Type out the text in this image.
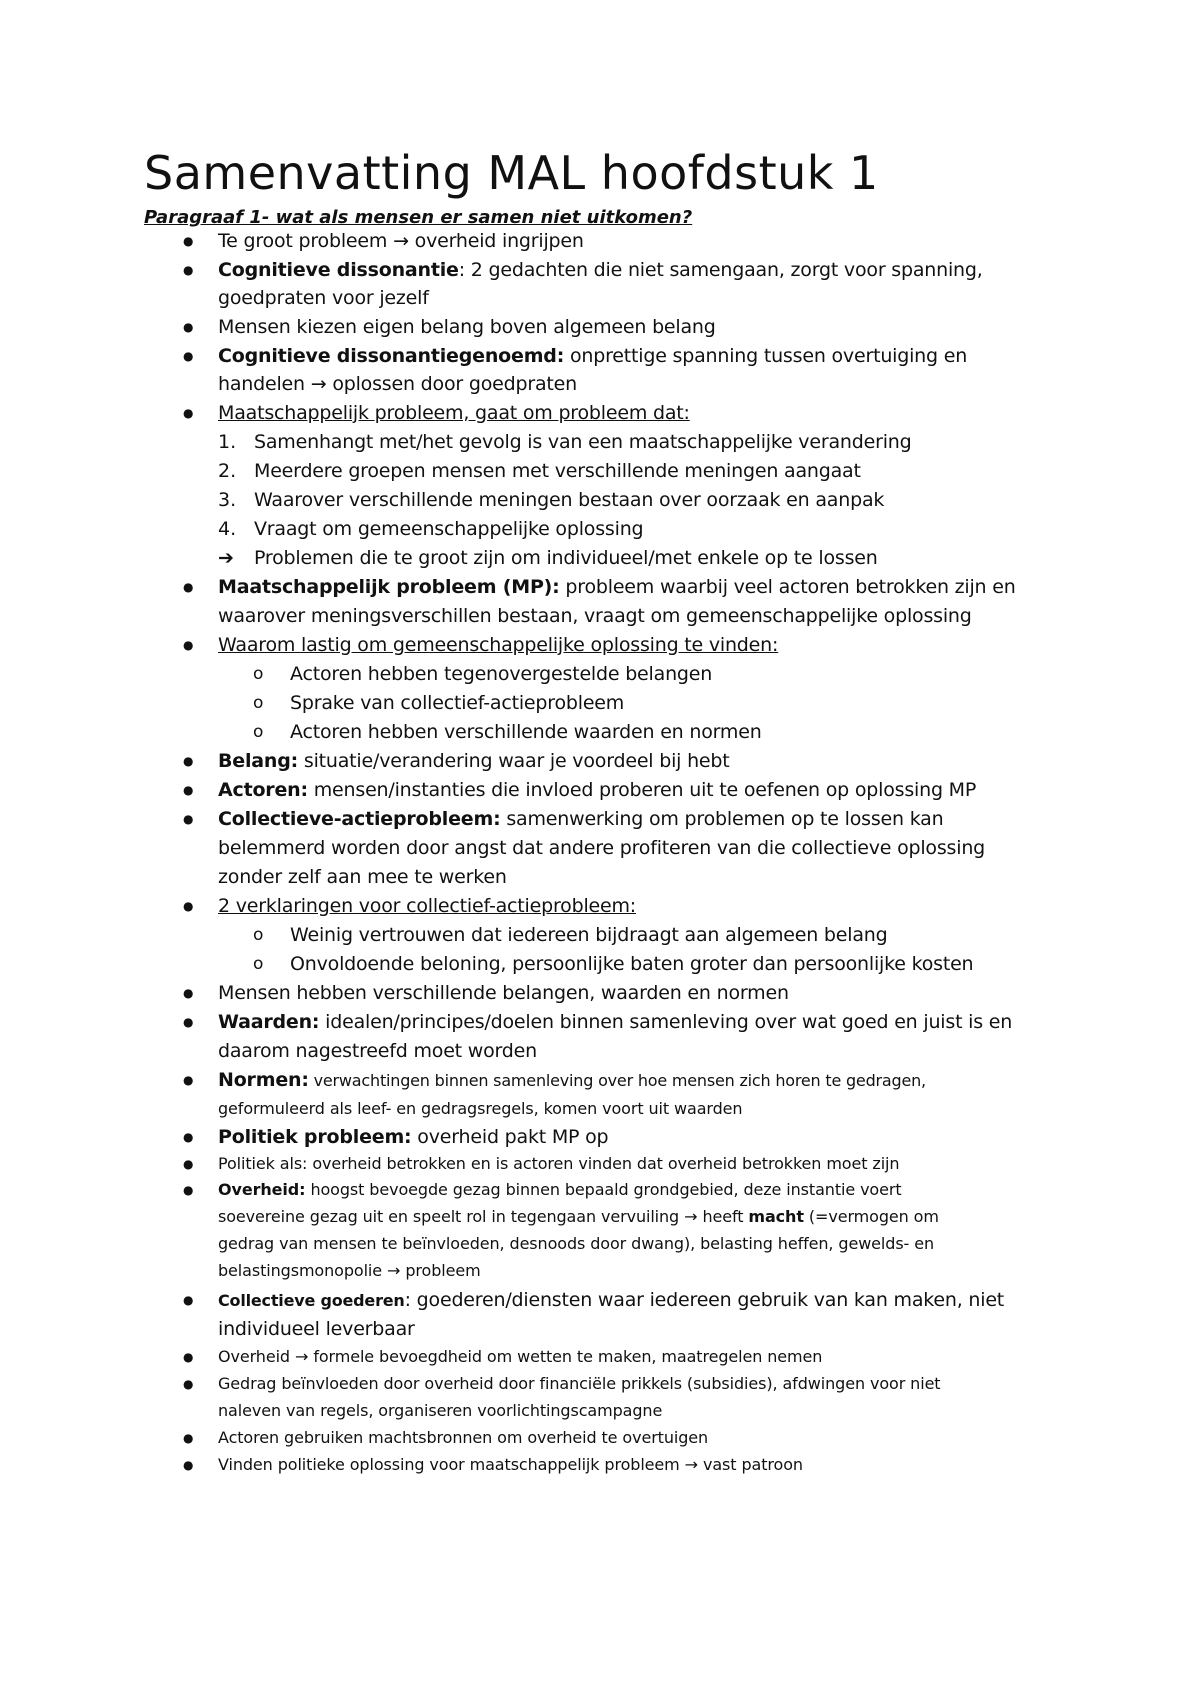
Samenvatting MAL hoofdstuk 1
Paragraaf 1- wat als mensen er samen niet uitkomen?
● Te groot probleem → overheid ingrijpen
● Cognitieve dissonantie: 2 gedachten die niet samengaan, zorgt voor spanning,
goedpraten voor jezelf
● Mensen kiezen eigen belang boven algemeen belang
● Cognitieve dissonantiegenoemd: onprettige spanning tussen overtuiging en
handelen → oplossen door goedpraten
● Maatschappelijk probleem, gaat om probleem dat:
1. Samenhangt met/het gevolg is van een maatschappelijke verandering
2. Meerdere groepen mensen met verschillende meningen aangaat
3. Waarover verschillende meningen bestaan over oorzaak en aanpak
4. Vraagt om gemeenschappelijke oplossing
➔ Problemen die te groot zijn om individueel/met enkele op te lossen
● Maatschappelijk probleem (MP): probleem waarbij veel actoren betrokken zijn en
waarover meningsverschillen bestaan, vraagt om gemeenschappelijke oplossing
● Waarom lastig om gemeenschappelijke oplossing te vinden:
o Actoren hebben tegenovergestelde belangen
o Sprake van collectief-actieprobleem
o Actoren hebben verschillende waarden en normen
● Belang: situatie/verandering waar je voordeel bij hebt
● Actoren: mensen/instanties die invloed proberen uit te oefenen op oplossing MP
● Collectieve-actieprobleem: samenwerking om problemen op te lossen kan
belemmerd worden door angst dat andere profiteren van die collectieve oplossing
zonder zelf aan mee te werken
● 2 verklaringen voor collectief-actieprobleem:
o Weinig vertrouwen dat iedereen bijdraagt aan algemeen belang
o Onvoldoende beloning, persoonlijke baten groter dan persoonlijke kosten
● Mensen hebben verschillende belangen, waarden en normen
● Waarden: idealen/principes/doelen binnen samenleving over wat goed en juist is en
daarom nagestreefd moet worden
● Normen: verwachtingen binnen samenleving over hoe mensen zich horen te gedragen,
geformuleerd als leef- en gedragsregels, komen voort uit waarden
● Politiek probleem: overheid pakt MP op
● Politiek als: overheid betrokken en is actoren vinden dat overheid betrokken moet zijn
● Overheid: hoogst bevoegde gezag binnen bepaald grondgebied, deze instantie voert
soevereine gezag uit en speelt rol in tegengaan vervuiling → heeft macht (=vermogen om
gedrag van mensen te beïnvloeden, desnoods door dwang), belasting heffen, gewelds- en
belastingsmonopolie → probleem
● Collectieve goederen: goederen/diensten waar iedereen gebruik van kan maken, niet
individueel leverbaar
● Overheid → formele bevoegdheid om wetten te maken, maatregelen nemen
● Gedrag beïnvloeden door overheid door financiële prikkels (subsidies), afdwingen voor niet
naleven van regels, organiseren voorlichtingscampagne
● Actoren gebruiken machtsbronnen om overheid te overtuigen
● Vinden politieke oplossing voor maatschappelijk probleem → vast patroon
